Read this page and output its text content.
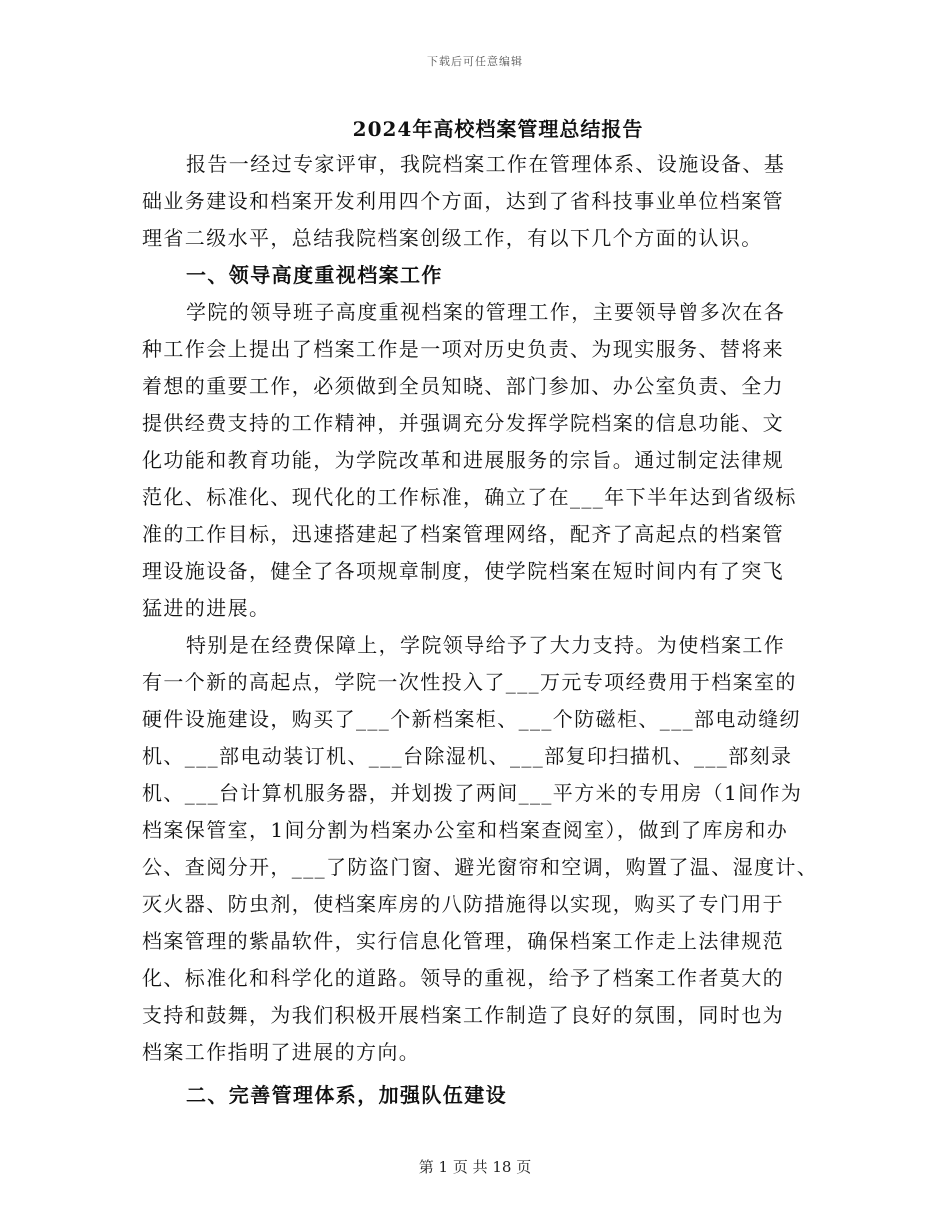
下载后可任意编辑
2024年高校档案管理总结报告
报告一经过专家评审，我院档案工作在管理体系、设施设备、基
础业务建设和档案开发利用四个方面，达到了省科技事业单位档案管
理省二级水平，总结我院档案创级工作，有以下几个方面的认识。
一、领导高度重视档案工作
学院的领导班子高度重视档案的管理工作，主要领导曾多次在各
种工作会上提出了档案工作是一项对历史负责、为现实服务、替将来
着想的重要工作，必须做到全员知晓、部门参加、办公室负责、全力
提供经费支持的工作精神，并强调充分发挥学院档案的信息功能、文
化功能和教育功能，为学院改革和进展服务的宗旨。通过制定法律规
范化、标准化、现代化的工作标准，确立了在___年下半年达到省级标
准的工作目标，迅速搭建起了档案管理网络，配齐了高起点的档案管
理设施设备，健全了各项规章制度，使学院档案在短时间内有了突飞
猛进的进展。
特别是在经费保障上，学院领导给予了大力支持。为使档案工作
有一个新的高起点，学院一次性投入了___万元专项经费用于档案室的
硬件设施建设，购买了___个新档案柜、___个防磁柜、___部电动缝纫
机、___部电动装订机、___台除湿机、___部复印扫描机、___部刻录
机、___台计算机服务器，并划拨了两间___平方米的专用房（1间作为
档案保管室，1间分割为档案办公室和档案查阅室），做到了库房和办
公、查阅分开，___了防盗门窗、避光窗帘和空调，购置了温、湿度计、
灭火器、防虫剂，使档案库房的八防措施得以实现，购买了专门用于
档案管理的紫晶软件，实行信息化管理，确保档案工作走上法律规范
化、标准化和科学化的道路。领导的重视，给予了档案工作者莫大的
支持和鼓舞，为我们积极开展档案工作制造了良好的氛围，同时也为
档案工作指明了进展的方向。
二、完善管理体系，加强队伍建设
第 1 页 共 18 页
